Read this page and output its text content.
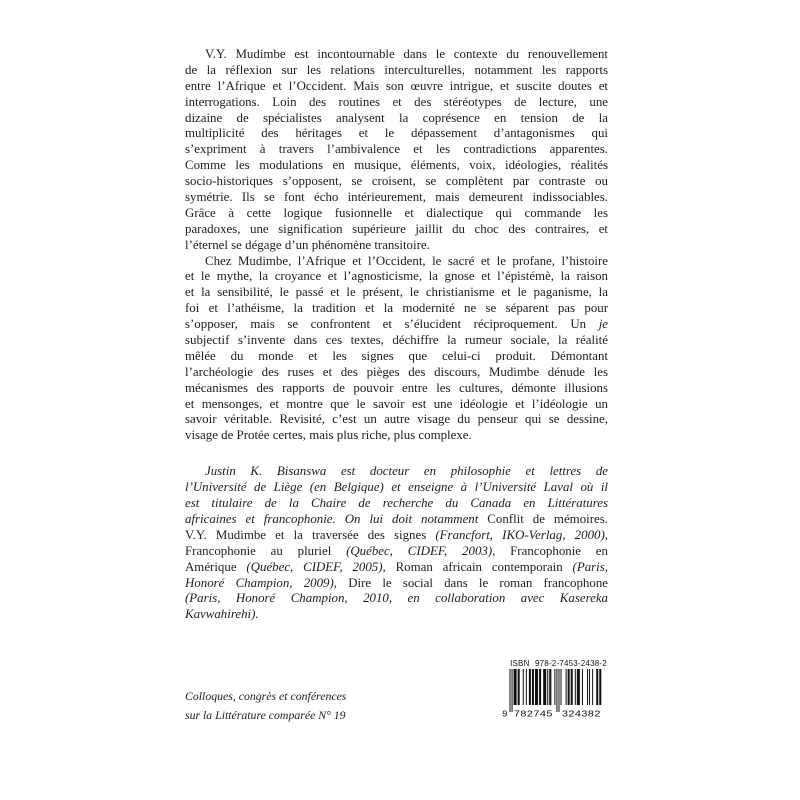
V.Y. Mudimbe est incontournable dans le contexte du renouvellement
de la réflexion sur les relations interculturelles, notamment les rapports
entre l’Afrique et l’Occident. Mais son œuvre intrigue, et suscite doutes et
interrogations. Loin des routines et des stéréotypes de lecture, une
dizaine de spécialistes analysent la coprésence en tension de la
multiplicité des héritages et le dépassement d’antagonismes qui
s’expriment à travers l’ambivalence et les contradictions apparentes.
Comme les modulations en musique, éléments, voix, idéologies, réalités
socio-historiques s’opposent, se croisent, se complètent par contraste ou
symétrie. Ils se font écho intérieurement, mais demeurent indissociables.
Grâce à cette logique fusionnelle et dialectique qui commande les
paradoxes, une signification supérieure jaillit du choc des contraires, et
l’éternel se dégage d’un phénomène transitoire.
Chez Mudimbe, l’Afrique et l’Occident, le sacré et le profane, l’histoire
et le mythe, la croyance et l’agnosticisme, la gnose et l’épistémè, la raison
et la sensibilité, le passé et le présent, le christianisme et le paganisme, la
foi et l’athéisme, la tradition et la modernité ne se séparent pas pour
s’opposer, mais se confrontent et s’élucident réciproquement. Un je
subjectif s’invente dans ces textes, déchiffre la rumeur sociale, la réalité
mêlée du monde et les signes que celui-ci produit. Démontant
l’archéologie des ruses et des pièges des discours, Mudimbe dénude les
mécanismes des rapports de pouvoir entre les cultures, démonte illusions
et mensonges, et montre que le savoir est une idéologie et l’idéologie un
savoir véritable. Revisité, c’est un autre visage du penseur qui se dessine,
visage de Protée certes, mais plus riche, plus complexe.
Justin K. Bisanswa est docteur en philosophie et lettres de
l’Université de Liège (en Belgique) et enseigne à l’Université Laval où il
est titulaire de la Chaire de recherche du Canada en Littératures
africaines et francophonie. On lui doit notamment Conflit de mémoires.
V.Y. Mudimbe et la traversée des signes (Francfort, IKO-Verlag, 2000),
Francophonie au pluriel (Québec, CIDEF, 2003), Francophonie en
Amérique (Québec, CIDEF, 2005), Roman africain contemporain (Paris,
Honoré Champion, 2009), Dire le social dans le roman francophone
(Paris, Honoré Champion, 2010, en collaboration avec Kasereka
Kavwahirehi).
Colloques, congrès et conférences
sur la Littérature comparée N° 19
ISBN 978-2-7453-2438-2
9 782745 324382
